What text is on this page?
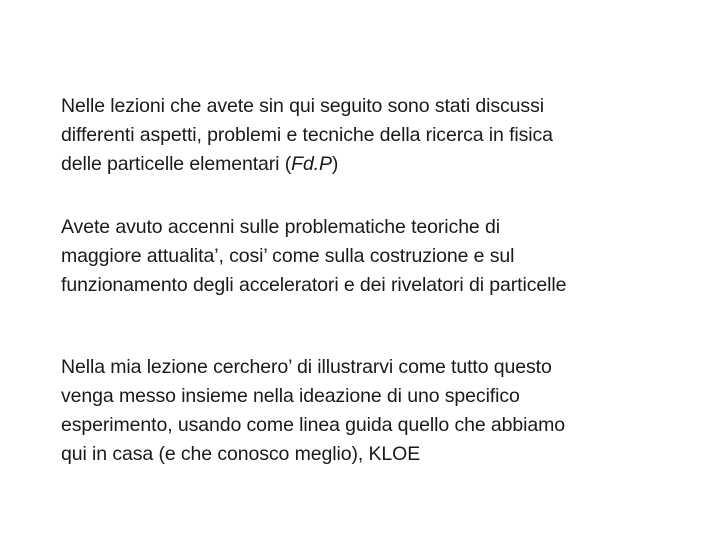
Nelle lezioni che avete sin qui seguito sono stati discussi
differenti aspetti, problemi e tecniche della ricerca in fisica
delle particelle elementari (Fd.P)

Avete avuto accenni sulle problematiche teoriche di
maggiore attualita’, cosi’ come sulla costruzione e sul
funzionamento degli acceleratori e dei rivelatori di particelle

Nella mia lezione cerchero’ di illustrarvi come tutto questo
venga messo insieme nella ideazione di uno specifico
esperimento, usando come linea guida quello che abbiamo
qui in casa (e che conosco meglio), KLOE
